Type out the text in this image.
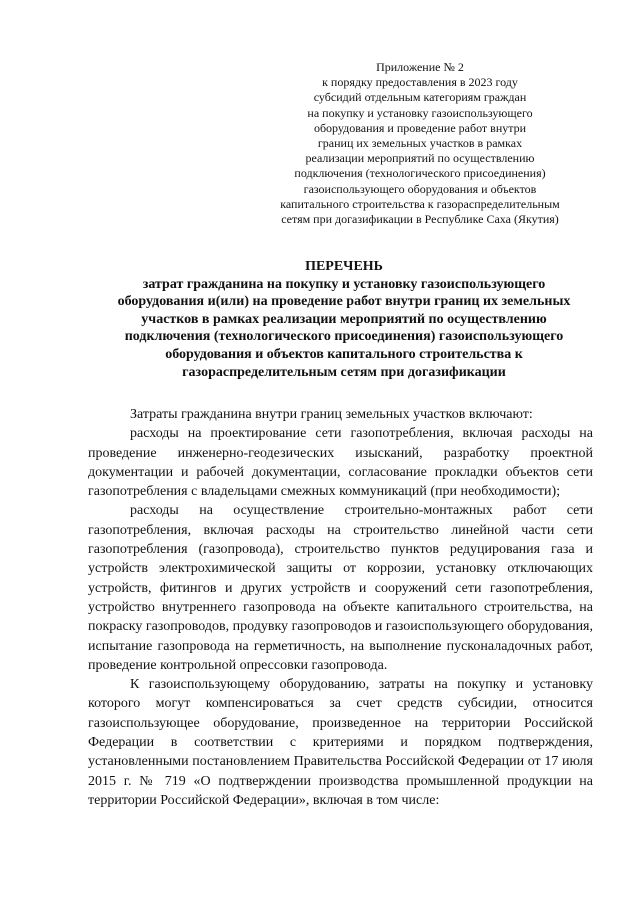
Приложение № 2
к порядку предоставления в 2023 году
субсидий отдельным категориям граждан
на покупку и установку газоиспользующего
оборудования и проведение работ внутри
границ их земельных участков в рамках
реализации мероприятий по осуществлению
подключения (технологического присоединения)
газоиспользующего оборудования и объектов
капитального строительства к газораспределительным
сетям при догазификации в Республике Саха (Якутия)
ПЕРЕЧЕНЬ
затрат гражданина на покупку и установку газоиспользующего
оборудования и(или) на проведение работ внутри границ их земельных
участков в рамках реализации мероприятий по осуществлению
подключения (технологического присоединения) газоиспользующего
оборудования и объектов капитального строительства к
газораспределительным сетям при догазификации

Затраты гражданина внутри границ земельных участков включают:

расходы на проектирование сети газопотребления, включая расходы на проведение инженерно-геодезических изысканий, разработку проектной документации и рабочей документации, согласование прокладки объектов сети газопотребления с владельцами смежных коммуникаций (при необходимости);

расходы на осуществление строительно-монтажных работ сети газопотребления, включая расходы на строительство линейной части сети газопотребления (газопровода), строительство пунктов редуцирования газа и устройств электрохимической защиты от коррозии, установку отключающих устройств, фитингов и других устройств и сооружений сети газопотребления, устройство внутреннего газопровода на объекте капитального строительства, на покраску газопроводов, продувку газопроводов и газоиспользующего оборудования, испытание газопровода на герметичность, на выполнение пусконаладочных работ, проведение контрольной опрессовки газопровода.

К газоиспользующему оборудованию, затраты на покупку и установку которого могут компенсироваться за счет средств субсидии, относится газоиспользующее оборудование, произведенное на территории Российской Федерации в соответствии с критериями и порядком подтверждения, установленными постановлением Правительства Российской Федерации от 17 июля 2015 г. № 719 «О подтверждении производства промышленной продукции на территории Российской Федерации», включая в том числе:
